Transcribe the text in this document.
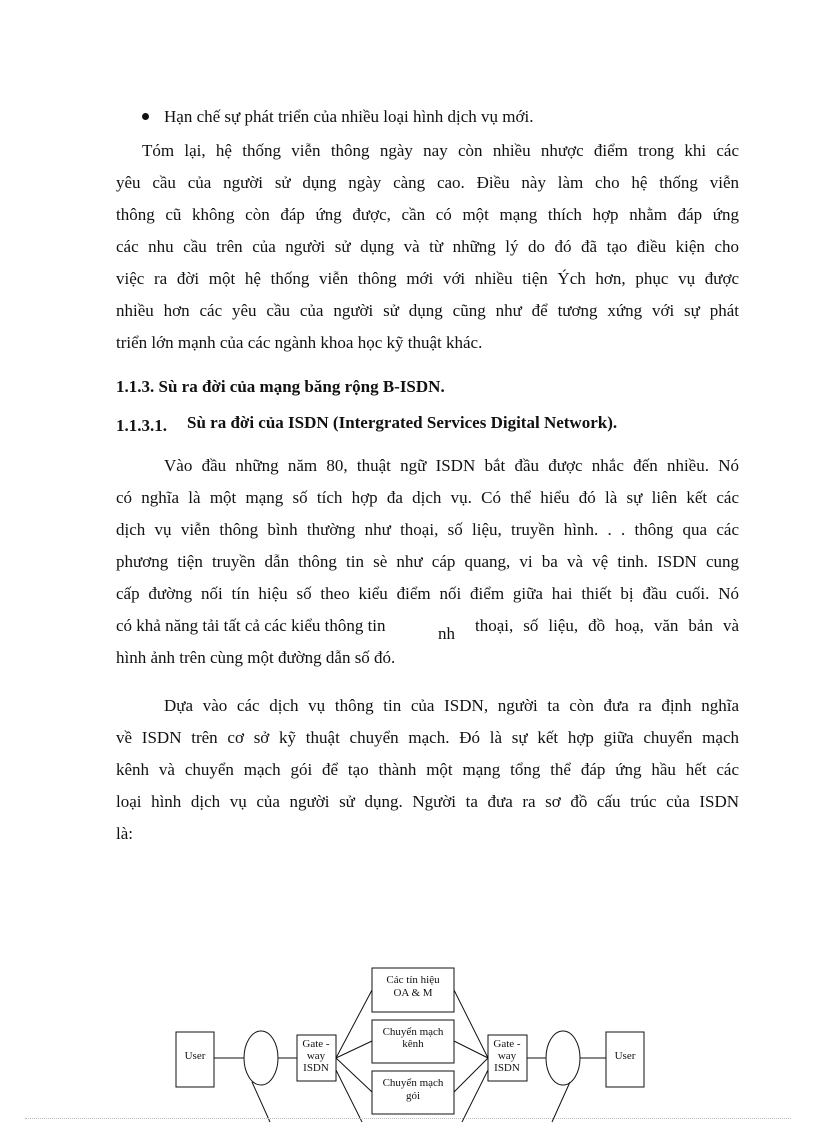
Hạn chế sự phát triển của nhiều loại hình dịch vụ mới.

Tóm lại, hệ thống viễn thông ngày nay còn nhiều nhược điểm trong khi các

yêu cầu của người sử dụng ngày càng cao. Điều này làm cho hệ thống viễn

thông cũ không còn đáp ứng được, cần có một mạng thích hợp nhằm đáp ứng

các nhu cầu trên của người sử dụng và từ những lý do đó đã tạo điều kiện cho

việc ra đời một hệ thống viễn thông mới với nhiều tiện Ých hơn, phục vụ được

nhiều hơn các yêu cầu của người sử dụng cũng như để tương xứng với sự phát

triển lớn mạnh của các ngành khoa học kỹ thuật khác.

1.1.3. Sù ra đời của mạng băng rộng B-ISDN.

1.1.3.1. Sù ra đời của ISDN (Intergrated Services Digital Network).

Vào đầu những năm 80, thuật ngữ ISDN bắt đầu được nhắc đến nhiều. Nó

có nghĩa là một mạng số tích hợp đa dịch vụ. Có thể hiểu đó là sự liên kết các

dịch vụ viễn thông bình thường như thoại, số liệu, truyền hình. . . thông qua các

phương tiện truyền dẫn thông tin sè như cáp quang, vi ba và vệ tinh. ISDN cung

cấp đường nối tín hiệu số theo kiểu điểm nối điểm giữa hai thiết bị đầu cuối. Nó

có khả năng tải tất cả các kiểu thông tin	nh thoại, số liệu, đồ hoạ, văn bản và

hình ảnh trên cùng một đường dẫn số đó.

Dựa vào các dịch vụ thông tin của ISDN, người ta còn đưa ra định nghĩa

về ISDN trên cơ sở kỹ thuật chuyển mạch. Đó là sự kết hợp giữa chuyển mạch

kênh và chuyển mạch gói để tạo thành một mạng tổng thể đáp ứng hầu hết các

loại hình dịch vụ của người sử dụng. Người ta đưa ra sơ đồ cấu trúc của ISDN

là:

User	User
Gate -
way
ISDN
Gate -
way
ISDN
Các tín hiệu
OA & M
Chuyển mạch
kênh
Chuyển mạch
gói
